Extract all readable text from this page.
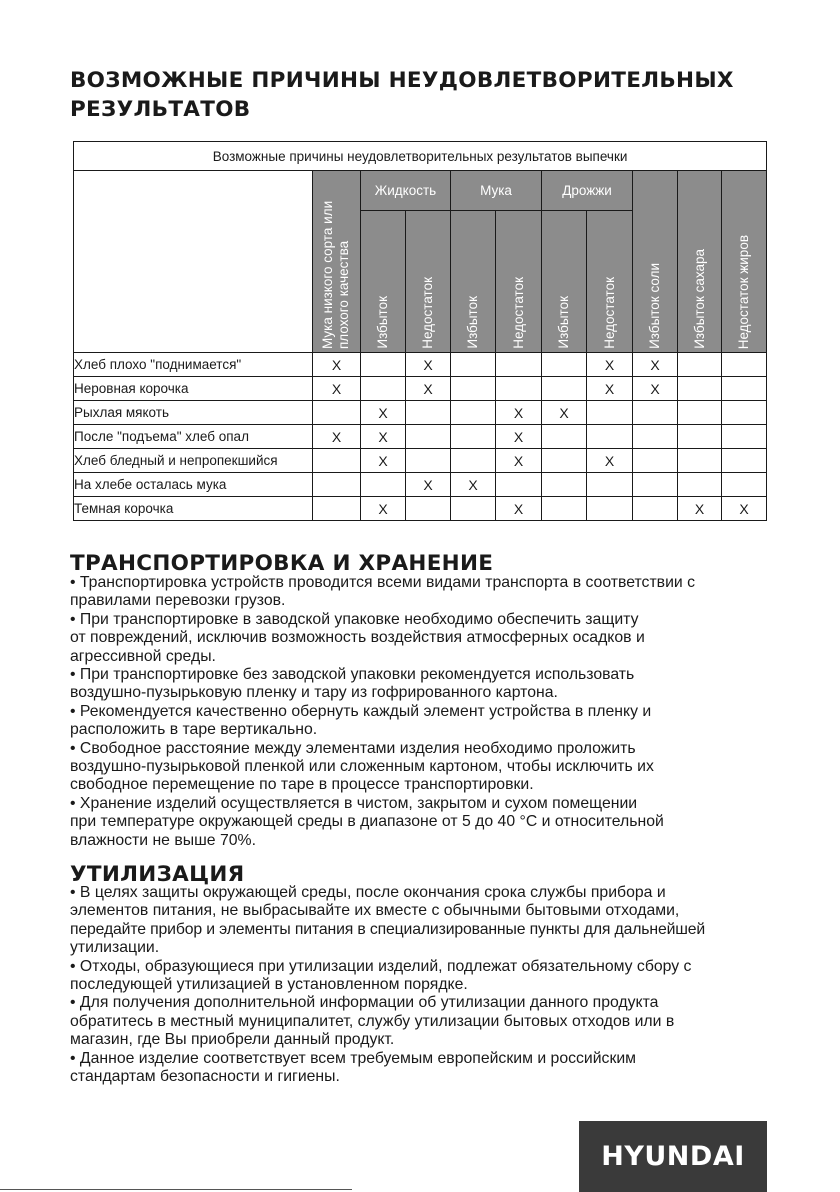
ВОЗМОЖНЫЕ ПРИЧИНЫ НЕУДОВЛЕТВОРИТЕЛЬНЫХ РЕЗУЛЬТАТОВ
Возможные причины неудовлетворительных результатов выпечки										
	Мука низкого сорта или плохого качества	Жидкость		Мука		Дрожжи		Избыток соли	Избыток сахара	Недостаток жиров
		Избыток	Недостаток	Избыток	Недостаток	Избыток	Недостаток			
Хлеб плохо "поднимается"	X		X				X	X		
Неровная корочка	X		X				X	X		
Рыхлая мякоть		X			X	X				
После "подъема" хлеб опал	X	X			X					
Хлеб бледный и непропекшийся		X			X		X			
На хлебе осталась мука			X	X						
Темная корочка		X			X				X	X
ТРАНСПОРТИРОВКА И ХРАНЕНИЕ

• Транспортировка устройств проводится всеми видами транспорта в соответствии с

правилами перевозки грузов.

• При транспортировке в заводской упаковке необходимо обеспечить защиту

от повреждений, исключив возможность воздействия атмосферных осадков и

агрессивной среды.

• При транспортировке без заводской упаковки рекомендуется использовать

воздушно-пузырьковую пленку и тару из гофрированного картона.

• Рекомендуется качественно обернуть каждый элемент устройства в пленку и

расположить в таре вертикально.

• Свободное расстояние между элементами изделия необходимо проложить

воздушно-пузырьковой пленкой или сложенным картоном, чтобы исключить их

свободное перемещение по таре в процессе транспортировки.

• Хранение изделий осуществляется в чистом, закрытом и сухом помещении

при температуре окружающей среды в диапазоне от 5 до 40 °C и относительной

влажности не выше 70%.

УТИЛИЗАЦИЯ

• В целях защиты окружающей среды, после окончания срока службы прибора и

элементов питания, не выбрасывайте их вместе с обычными бытовыми отходами,

передайте прибор и элементы питания в специализированные пункты для дальнейшей

утилизации.

• Отходы, образующиеся при утилизации изделий, подлежат обязательному сбору с

последующей утилизацией в установленном порядке.

• Для получения дополнительной информации об утилизации данного продукта

обратитесь в местный муниципалитет, службу утилизации бытовых отходов или в

магазин, где Вы приобрели данный продукт.

• Данное изделие соответствует всем требуемым европейским и российским

стандартам безопасности и гигиены.

HYUNDAI
